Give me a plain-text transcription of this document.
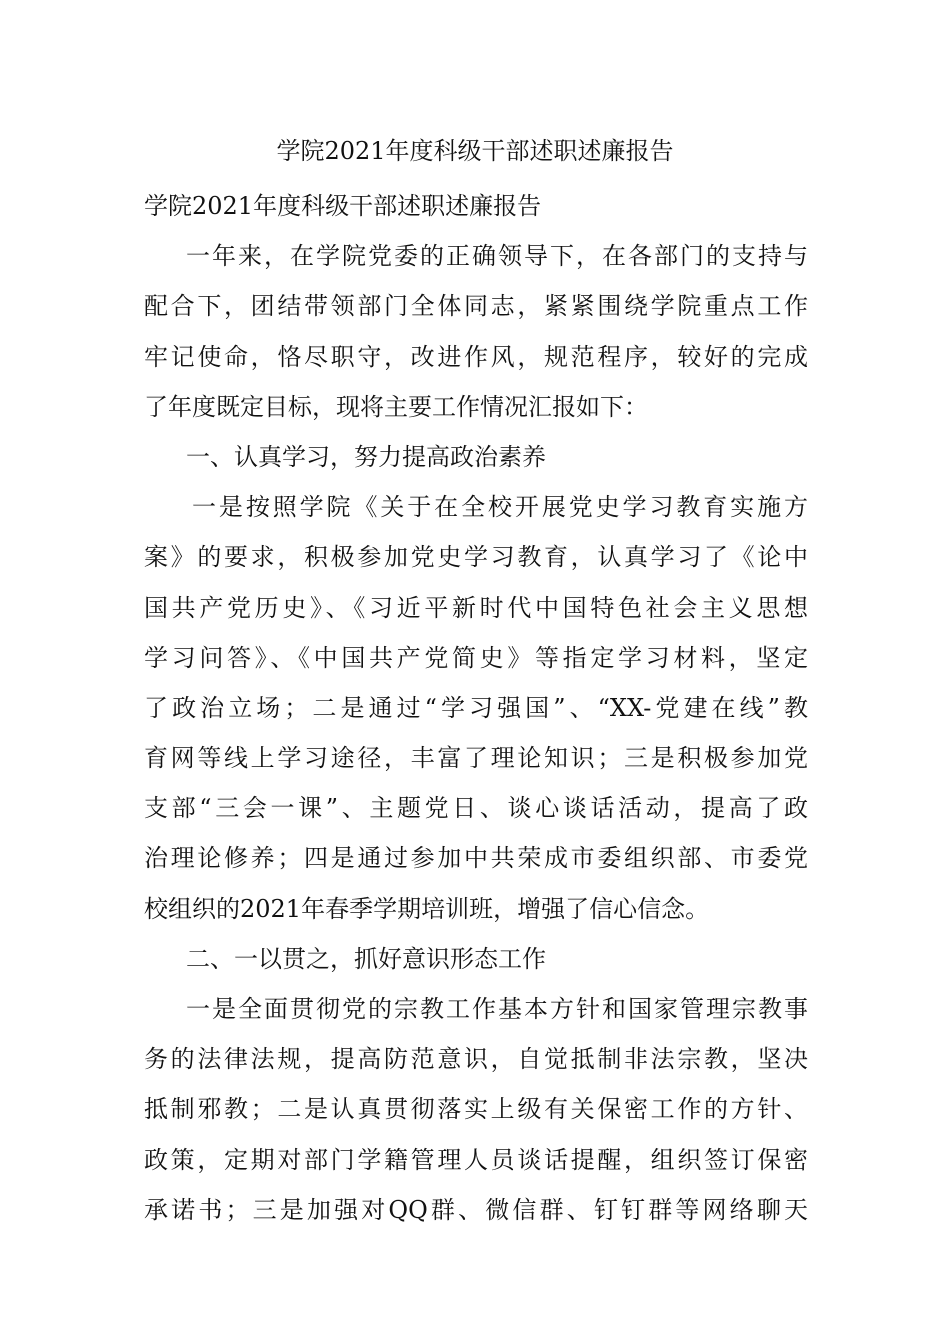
学院2021年度科级干部述职述廉报告
学院2021年度科级干部述职述廉报告
一年来，在学院党委的正确领导下，在各部门的支持与
配合下，团结带领部门全体同志，紧紧围绕学院重点工作
牢记使命，恪尽职守，改进作风，规范程序，较好的完成
了年度既定目标，现将主要工作情况汇报如下：
一、认真学习，努力提高政治素养
一是按照学院《关于在全校开展党史学习教育实施方
案》的要求，积极参加党史学习教育，认真学习了《论中
国共产党历史》、《习近平新时代中国特色社会主义思想
学习问答》、《中国共产党简史》等指定学习材料，坚定
了政治立场；二是通过“学习强国”、“XX-党建在线”教
育网等线上学习途径，丰富了理论知识；三是积极参加党
支部“三会一课”、主题党日、谈心谈话活动，提高了政
治理论修养；四是通过参加中共荣成市委组织部、市委党
校组织的2021年春季学期培训班，增强了信心信念。
二、一以贯之，抓好意识形态工作
一是全面贯彻党的宗教工作基本方针和国家管理宗教事
务的法律法规，提高防范意识，自觉抵制非法宗教，坚决
抵制邪教；二是认真贯彻落实上级有关保密工作的方针、
政策，定期对部门学籍管理人员谈话提醒，组织签订保密
承诺书；三是加强对QQ群、微信群、钉钉群等网络聊天
